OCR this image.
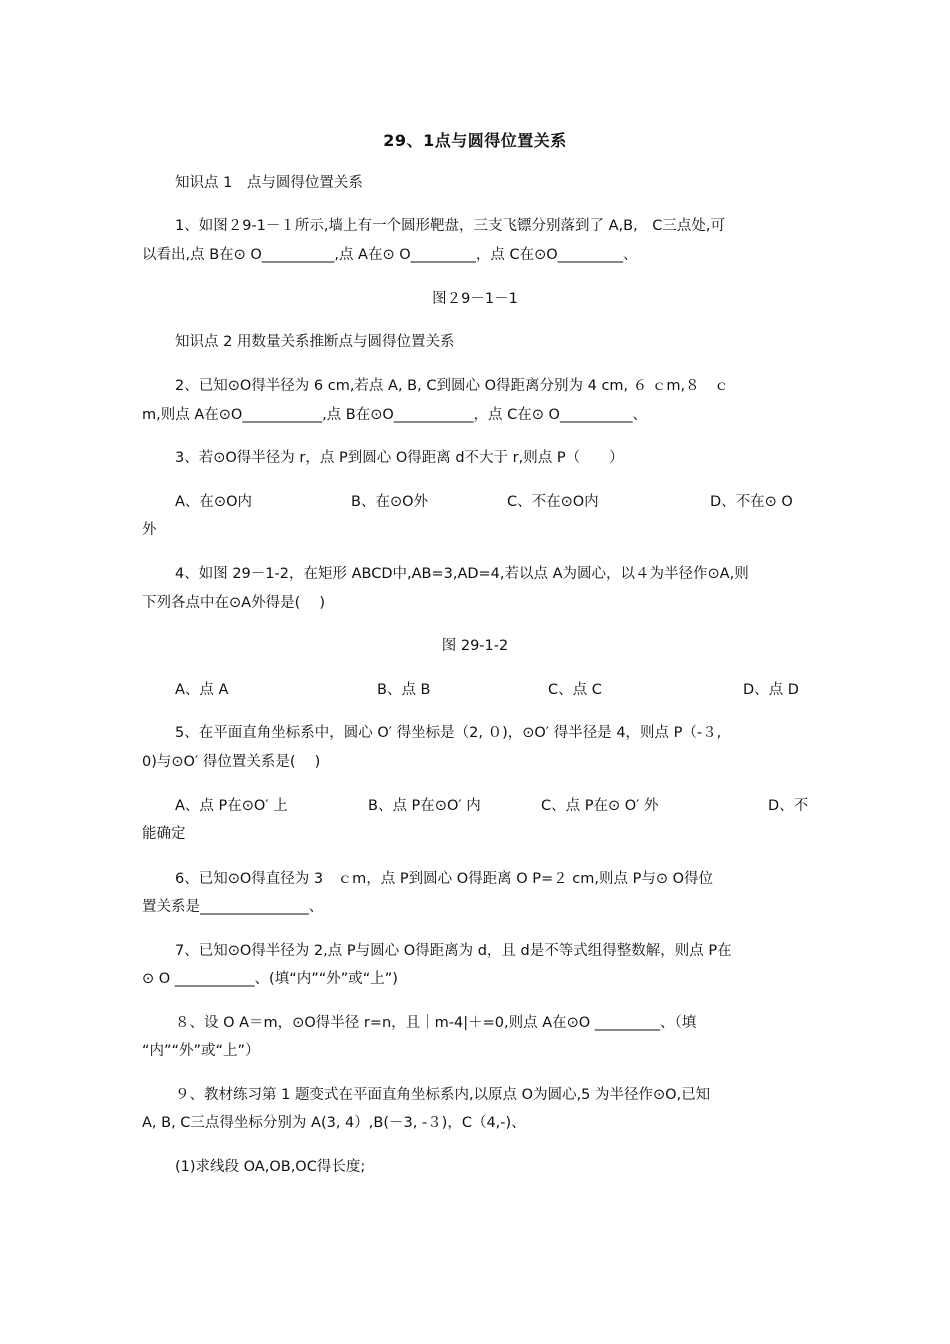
29、1点与圆得位置关系
知识点 1　点与圆得位置关系
1、如图２9-1－１所示,墙上有一个圆形靶盘，三支飞镖分别落到了 A,B,　C三点处,可
以看出,点 B在⊙ O__________,点 A在⊙ O_________，点 C在⊙O_________、
图２9－1－1
知识点 2 用数量关系推断点与圆得位置关系
2、已知⊙O得半径为 6 cm,若点 A, B, C到圆心 O得距离分别为 4 cm, ６ ｃm,８　ｃ
m,则点 A在⊙O___________,点 B在⊙O___________，点 C在⊙ O__________、
3、若⊙O得半径为 r，点 P到圆心 O得距离 d不大于 r,则点 P（　　）
A、在⊙O内	B、在⊙O外	C、不在⊙O内	D、不在⊙ O
外
4、如图 29－1-2，在矩形 ABCD中,AB=3,AD=4,若以点 A为圆心，以４为半径作⊙A,则
下列各点中在⊙A外得是(　 )
图 29-1-2
A、点 A	B、点 B	C、点 C	D、点 D
5、在平面直角坐标系中，圆心 O′ 得坐标是（2, ０)，⊙O′ 得半径是 4，则点 P（-３,
0)与⊙O′ 得位置关系是(　 )
A、点 P在⊙O′ 上	B、点 P在⊙O′ 内	C、点 P在⊙ O′ 外	D、不
能确定
6、已知⊙O得直径为 3　ｃm，点 P到圆心 O得距离 O P=２ cm,则点 P与⊙ O得位
置关系是_______________、
7、已知⊙O得半径为 2,点 P与圆心 O得距离为 d，且 d是不等式组得整数解，则点 P在
⊙ O ___________、(填“内”“外”或“上”)
８、设 O A＝m，⊙O得半径 r=n，且｜m-4|＋=0,则点 A在⊙O _________、（填
“内”“外”或“上”）
９、教材练习第 1 题变式在平面直角坐标系内,以原点 O为圆心,5 为半径作⊙O,已知
A, B, C三点得坐标分别为 A(3, 4）,B(－3, -３)，C（4,-)、
(1)求线段 OA,OB,OC得长度;
